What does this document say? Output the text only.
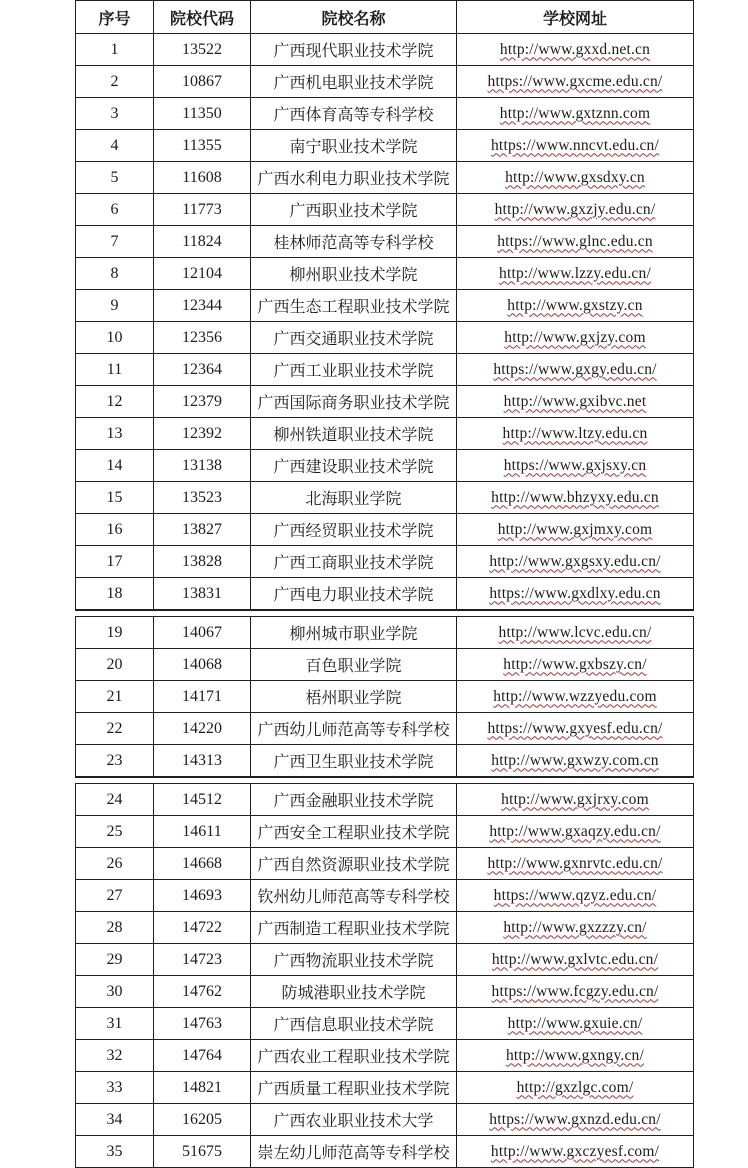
序号	院校代码	院校名称	学校网址
1	13522	广西现代职业技术学院	http://www.gxxd.net.cn
2	10867	广西机电职业技术学院	https://www.gxcme.edu.cn/
3	11350	广西体育高等专科学校	http://www.gxtznn.com
4	11355	南宁职业技术学院	https://www.nncvt.edu.cn/
5	11608	广西水利电力职业技术学院	http://www.gxsdxy.cn
6	11773	广西职业技术学院	http://www.gxzjy.edu.cn/
7	11824	桂林师范高等专科学校	https://www.glnc.edu.cn
8	12104	柳州职业技术学院	http://www.lzzy.edu.cn/
9	12344	广西生态工程职业技术学院	http://www.gxstzy.cn
10	12356	广西交通职业技术学院	http://www.gxjzy.com
11	12364	广西工业职业技术学院	https://www.gxgy.edu.cn/
12	12379	广西国际商务职业技术学院	http://www.gxibvc.net
13	12392	柳州铁道职业技术学院	http://www.ltzy.edu.cn
14	13138	广西建设职业技术学院	https://www.gxjsxy.cn
15	13523	北海职业学院	http://www.bhzyxy.edu.cn
16	13827	广西经贸职业技术学院	http://www.gxjmxy.com
17	13828	广西工商职业技术学院	http://www.gxgsxy.edu.cn/
18	13831	广西电力职业技术学院	https://www.gxdlxy.edu.cn
19	14067	柳州城市职业学院	http://www.lcvc.edu.cn/
20	14068	百色职业学院	http://www.gxbszy.cn/
21	14171	梧州职业学院	http://www.wzzyedu.com
22	14220	广西幼儿师范高等专科学校	https://www.gxyesf.edu.cn/
23	14313	广西卫生职业技术学院	http://www.gxwzy.com.cn
24	14512	广西金融职业技术学院	http://www.gxjrxy.com
25	14611	广西安全工程职业技术学院	http://www.gxaqzy.edu.cn/
26	14668	广西自然资源职业技术学院	http://www.gxnrvtc.edu.cn/
27	14693	钦州幼儿师范高等专科学校	https://www.qzyz.edu.cn/
28	14722	广西制造工程职业技术学院	http://www.gxzzzy.cn/
29	14723	广西物流职业技术学院	http://www.gxlvtc.edu.cn/
30	14762	防城港职业技术学院	https://www.fcgzy.edu.cn/
31	14763	广西信息职业技术学院	http://www.gxuie.cn/
32	14764	广西农业工程职业技术学院	http://www.gxngy.cn/
33	14821	广西质量工程职业技术学院	http://gxzlgc.com/
34	16205	广西农业职业技术大学	https://www.gxnzd.edu.cn/
35	51675	崇左幼儿师范高等专科学校	http://www.gxczyesf.com/
